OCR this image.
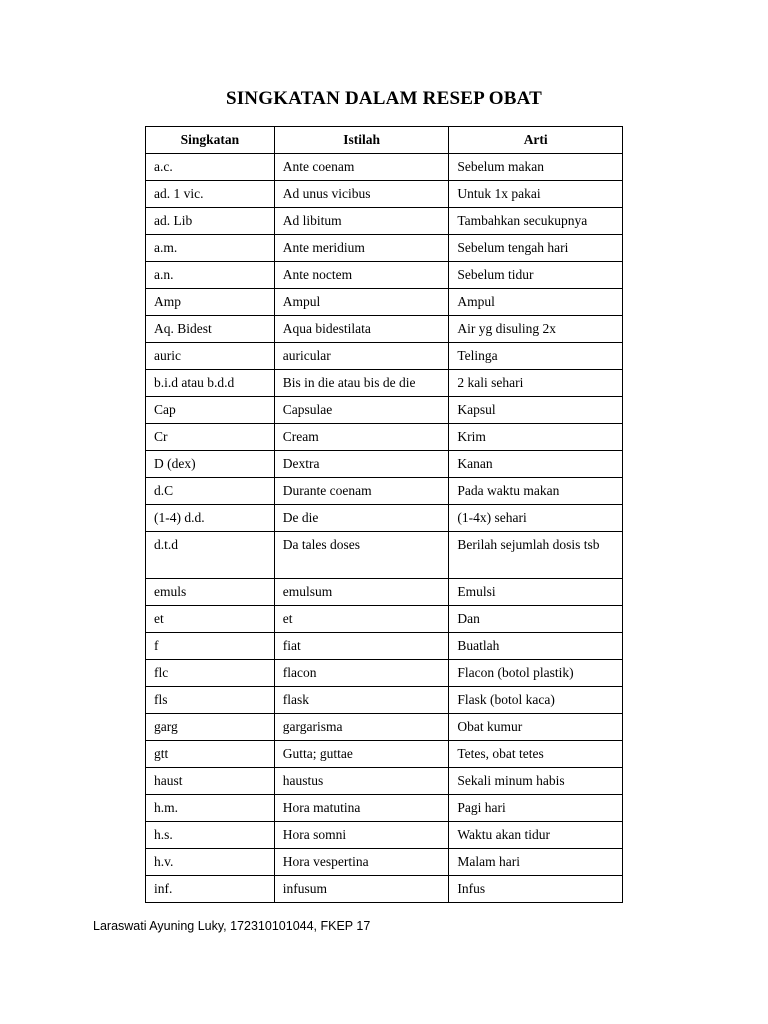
SINGKATAN DALAM RESEP OBAT
Singkatan	Istilah	Arti
a.c.	Ante coenam	Sebelum makan
ad. 1 vic.	Ad unus vicibus	Untuk 1x pakai
ad. Lib	Ad libitum	Tambahkan secukupnya
a.m.	Ante meridium	Sebelum tengah hari
a.n.	Ante noctem	Sebelum tidur
Amp	Ampul	Ampul
Aq. Bidest	Aqua bidestilata	Air yg disuling 2x
auric	auricular	Telinga
b.i.d atau b.d.d	Bis in die atau bis de die	2 kali sehari
Cap	Capsulae	Kapsul
Cr	Cream	Krim
D (dex)	Dextra	Kanan
d.C	Durante coenam	Pada waktu makan
(1-4) d.d.	De die	(1-4x) sehari
d.t.d	Da tales doses	Berilah sejumlah dosis tsb
emuls	emulsum	Emulsi
et	et	Dan
f	fiat	Buatlah
flc	flacon	Flacon (botol plastik)
fls	flask	Flask (botol kaca)
garg	gargarisma	Obat kumur
gtt	Gutta; guttae	Tetes, obat tetes
haust	haustus	Sekali minum habis
h.m.	Hora matutina	Pagi hari
h.s.	Hora somni	Waktu akan tidur
h.v.	Hora vespertina	Malam hari
inf.	infusum	Infus
Laraswati Ayuning Luky, 172310101044, FKEP 17
